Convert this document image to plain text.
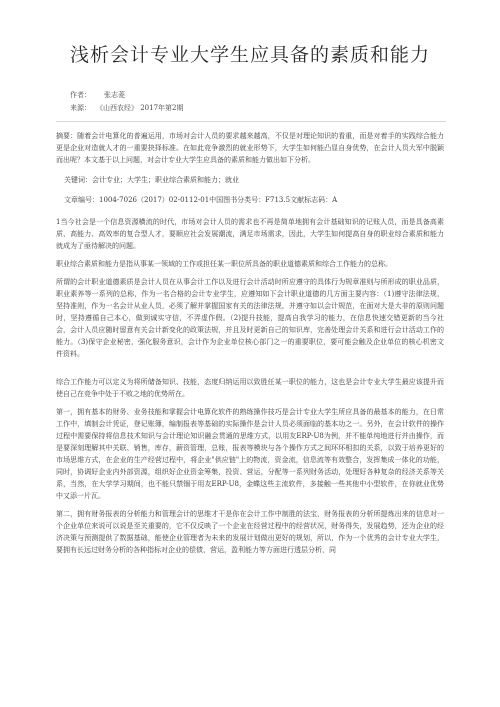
浅析会计专业大学生应具备的素质和能力
作者： 张志菱
来源： 《山西农经》 2017年第2期

摘要：随着会计电算化的普遍运用，市场对会计人员的要求越来越高，不仅是对理论知识的看重，而是对着手的实践综合能力更是企业对造就人才的一重要抉择标准。在如此竞争激烈的就业形势下，大学生如何能凸显自身优势，在会计人员大军中脱颖而出呢？本文基于以上问题，对会计专业大学生应具备的素质和能力做出如下分析。

关键词：会计专业；大学生；职业综合素质和能力；就业
文章编号：1004-7026（2017）02-0112-01中国图书分类号：F713.5文献标志码：A

1当今社会是一个信息资源横流的时代，市场对会计人员的需求也不再是简单地拥有会计基础知识的记账人员，而是具备高素质、高能力、高效率的复合型人才，要顺应社会发展潮流，满足市场需求，因此，大学生如何提高自身的职业综合素质和能力就成为了亟待解决的问题。

职业综合素质和能力是指从事某一领域的工作或担任某一职位所具备的职业道德素质和综合工作能力的总称。

所谓的会计职业道德素质是会计人员在从事会计工作以及进行会计活动时所应遵守的具体行为规章准则与所形成的职业品质，职业素养等一系列的总称，作为一名合格的会计专业学生，应遵知如下会计职业道德的几方面主要内容：（1)遵守法律法规，坚持准则，作为一名会计从业人员，必须了解并掌握国家有关的法律法规，并遵守如以会计规范，在面对大是大非的原则问题时，坚持遵循自己本心，做到诚实守信，不弄虚作假。（2)提升技能，提高自我学习的能力，在信息快速交错更新的当今社会，会计人员应随时留意有关会计新变化的政策法规，并且及时更新自己的知识库，完善处理会计关系和进行会计活动工作的能力。（3)保守企业秘密，强化服务意识，会计作为企业单位核心部门之一的重要职位，要可能会触及企业单位的核心机密文件资料。

综合工作能力可以定义为将所储备知识、技能，态度归纳运用以致胜任某一职位的能力，这也是会计专业大学生最应该提升而使自己在竞争中处于不败之地的优势所在。

第一，拥有基本的财务、业务技能和掌握会计电算化软件的熟练操作技巧是会计专业大学生所应具备的最基本的能力，在日常工作中，填制会计凭证，登记账簿，编制报表等基础的实际操作是会计人员必须面临的基本功之一。另外，在会计软件的操作过程中需要保持将信息技术知识与会计理论知识融会贯通的思维方式，以用友ERP-U8为例，并不能单纯地进行并由操作，而是要深刻理解其中关联、销售，库存，薪资管理，总账，报表等模块与各个操作方式之间环环相扣的关系，以致于培养更好的市场思维方式，在企业的生产经营过程中，将企业"供应链"上的物流，资金流，信息流等有效整合，发挥集成一体化的功能，同时，协调好企业内外部资源，组织好企业资金筹集，投资、营运，分配等一系列财务活动，处理好各种复杂的经济关系等关系，当然，在大学学习期间，也不能只禁锢于用友ERP-U8，金蝶这些主流软件，多接触一些其他中小型软件，在你就业优势中又添一片瓦。

第二，拥有财务报表的分析能力和管理会计的思维才干是你在会计工作中制胜的法宝，财务报表的分析所提炼出来的信息对一个企业单位来说可以说是至关重要的，它不仅反映了一个企业在经营过程中的经营状况，财务得失，发展趋势，还为企业的经济决策与预测提供了数据基础，能使企业管理者为未来的发展计划做出更好的规划，所以，作为一个优秀的会计专业大学生，要拥有长远过财务分析的各种指标对企业的偿债，营运，盈利能力等方面进行透层分析，同
